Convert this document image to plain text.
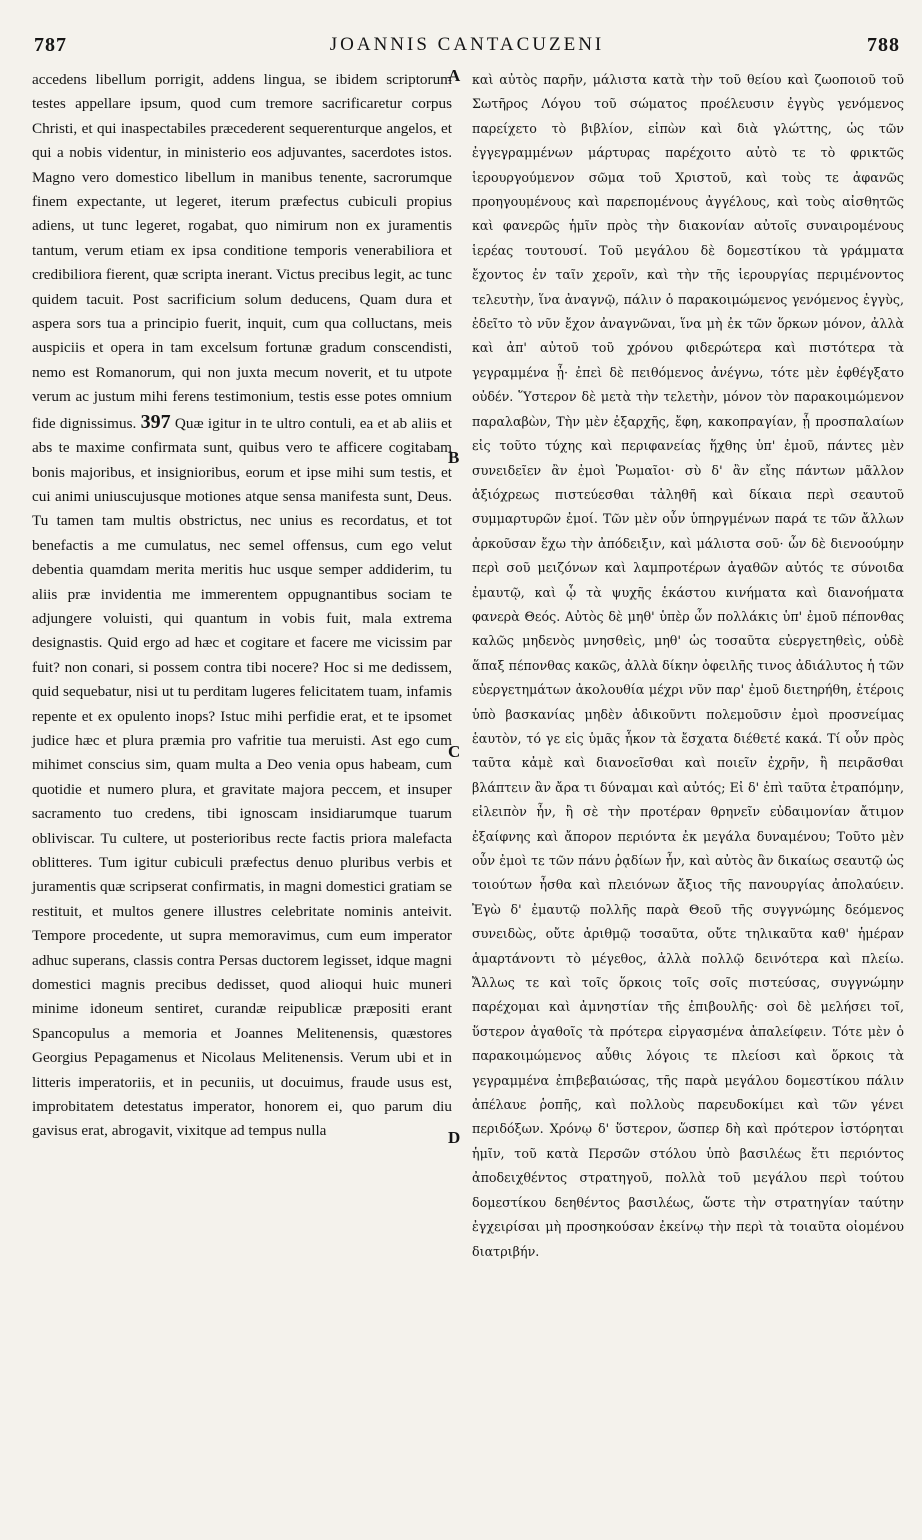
787	JOANNIS CANTACUZENI	788

accedens libellum porrigit, addens lingua, se ibidem scriptorum testes appellare ipsum, quod cum tremore sacrificaretur corpus Christi, et qui inaspectabiles præcederent sequerenturque angelos, et qui a nobis videntur, in ministerio eos adjuvantes, sacerdotes istos. Magno vero domestico libellum in manibus tenente, sacrorumque finem expectante, ut legeret, iterum præfectus cubiculi propius adiens, ut tunc legeret, rogabat, quo nimirum non ex juramentis tantum, verum etiam ex ipsa conditione temporis venerabiliora et credibiliora fierent, quæ scripta inerant. Victus precibus legit, ac tunc quidem tacuit. Post sacrificium solum deducens, Quam dura et aspera sors tua a principio fuerit, inquit, cum qua colluctans, meis auspiciis et opera in tam excelsum fortunæ gradum conscendisti, nemo est Romanorum, qui non juxta mecum noverit, et tu utpote verum ac justum mihi ferens testimonium, testis esse potes omnium fide dignissimus. 397 Quæ igitur in te ultro contuli, ea et ab aliis et abs te maxime confirmata sunt, quibus vero te afficere cogitabam bonis majoribus, et insignioribus, eorum et ipse mihi sum testis, et cui animi uniuscujusque motiones atque sensa manifesta sunt, Deus. Tu tamen tam multis obstrictus, nec unius es recordatus, et tot benefactis a me cumulatus, nec semel offensus, cum ego velut debentia quamdam merita meritis huc usque semper addiderim, tu aliis præ invidentia me immerentem oppugnantibus sociam te adjungere voluisti, qui quantum in vobis fuit, mala extrema designastis. Quid ergo ad hæc et cogitare et facere me vicissim par fuit? non conari, si possem contra tibi nocere? Hoc si me dedissem, quid sequebatur, nisi ut tu perditam lugeres felicitatem tuam, infamis repente et ex opulento inops? Istuc mihi perfidie erat, et te ipsomet judice hæc et plura præmia pro vafritie tua meruisti. Ast ego cum mihimet conscius sim, quam multa a Deo venia opus habeam, cum quotidie et numero plura, et gravitate majora peccem, et insuper sacramento tuo credens, tibi ignoscam insidiarumque tuarum obliviscar. Tu cultere, ut posterioribus recte factis priora malefacta oblitteres. Tum igitur cubiculi præfectus denuo pluribus verbis et juramentis quæ scripserat confirmatis, in magni domestici gratiam se restituit, et multos genere illustres celebritate nominis anteivit. Tempore procedente, ut supra memoravimus, cum eum imperator adhuc superans, classis contra Persas ductorem legisset, idque magni domestici magnis precibus dedisset, quod alioqui huic muneri minime idoneum sentiret, curandæ reipublicæ præpositi erant Spancopulus a memoria et Joannes Melitenensis, quæstores Georgius Pepagamenus et Nicolaus Melitenensis. Verum ubi et in litteris imperatoriis, et in pecuniis, ut docuimus, fraude usus est, improbitatem detestatus imperator, honorem ei, quo parum diu gavisus erat, abrogavit, vixitque ad tempus nulla

A
B
C
D

καὶ αὐτὸς παρῆν, μάλιστα κατὰ τὴν τοῦ θείου καὶ ζωοποιοῦ τοῦ Σωτῆρος Λόγου τοῦ σώματος προέλευσιν ἐγγὺς γενόμενος παρείχετο τὸ βιβλίον, εἰπὼν καὶ διὰ γλώττης, ὡς τῶν ἐγγεγραμμένων μάρτυρας παρέχοιτο αὐτὸ τε τὸ φρικτῶς ἱερουργούμενον σῶμα τοῦ Χριστοῦ, καὶ τοὺς τε ἀφανῶς προηγουμένους καὶ παρεπομένους ἀγγέλους, καὶ τοὺς αἰσθητῶς καὶ φανερῶς ἡμῖν πρὸς τὴν διακονίαν αὐτοῖς συναιρομένους ἱερέας τουτουσί. Τοῦ μεγάλου δὲ δομεστίκου τὰ γράμματα ἔχοντος ἐν ταῖν χεροῖν, καὶ τὴν τῆς ἱερουργίας περιμένοντος τελευτὴν, ἵνα ἀναγνῷ, πάλιν ὁ παρακοιμώμενος γενόμενος ἐγγὺς, ἐδεῖτο τὸ νῦν ἔχον ἀναγνῶναι, ἵνα μὴ ἐκ τῶν ὅρκων μόνον, ἀλλὰ καὶ ἀπ' αὐτοῦ τοῦ χρόνου φιδερώτερα καὶ πιστότερα τὰ γεγραμμένα ᾖ· ἐπεὶ δὲ πειθόμενος ἀνέγνω, τότε μὲν ἐφθέγξατο οὐδέν. Ὕστερον δὲ μετὰ τὴν τελετὴν, μόνον τὸν παρακοιμώμενον παραλαβὼν, Τὴν μὲν ἐξαρχῆς, ἔφη, κακοπραγίαν, ᾗ προσπαλαίων εἰς τοῦτο τύχης καὶ περιφανείας ἥχθης ὑπ' ἐμοῦ, πάντες μὲν συνειδεῖεν ἂν ἐμοὶ Ῥωμαῖοι· σὺ δ' ἂν εἴης πάντων μᾶλλον ἀξιόχρεως πιστεύεσθαι τἀληθῆ καὶ δίκαια περὶ σεαυτοῦ συμμαρτυρῶν ἐμοί. Τῶν μὲν οὖν ὑπηργμένων παρά τε τῶν ἄλλων ἀρκοῦσαν ἔχω τὴν ἀπόδειξιν, καὶ μάλιστα σοῦ· ὧν δὲ διενοούμην περὶ σοῦ μειζόνων καὶ λαμπροτέρων ἀγαθῶν αὐτός τε σύνοιδα ἐμαυτῷ, καὶ ᾧ τὰ ψυχῆς ἑκάστου κινήματα καὶ διανοήματα φανερὰ Θεός. Αὐτὸς δὲ μηθ' ὑπὲρ ὧν πολλάκις ὑπ' ἐμοῦ πέπονθας καλῶς μηδενὸς μνησθεὶς, μηθ' ὡς τοσαῦτα εὐεργετηθεὶς, οὐδὲ ἅπαξ πέπονθας κακῶς, ἀλλὰ δίκην ὀφειλῆς τινος ἀδιάλυτος ἡ τῶν εὐεργετημάτων ἀκολουθία μέχρι νῦν παρ' ἐμοῦ διετηρήθη, ἑτέροις ὑπὸ βασκανίας μηδὲν ἀδικοῦντι πολεμοῦσιν ἐμοὶ προσνείμας ἑαυτὸν, τό γε εἰς ὑμᾶς ἧκον τὰ ἔσχατα διέθετέ κακά. Τί οὖν πρὸς ταῦτα κἀμὲ καὶ διανοεῖσθαι καὶ ποιεῖν ἐχρῆν, ἢ πειρᾶσθαι βλάπτειν ἂν ἄρα τι δύναμαι καὶ αὐτός; Εἰ δ' ἐπὶ ταῦτα ἐτραπόμην, εἰλειπὸν ἦν, ἢ σὲ τὴν προτέραν θρηνεῖν εὐδαιμονίαν ἄτιμον ἐξαίφνης καὶ ἄπορον περιόντα ἐκ μεγάλα δυναμένου; Τοῦτο μὲν οὖν ἐμοὶ τε τῶν πάνυ ῥᾳδίων ἦν, καὶ αὐτὸς ἂν δικαίως σεαυτῷ ὡς τοιούτων ἦσθα καὶ πλειόνων ἄξιος τῆς πανουργίας ἀπολαύειν. Ἐγὼ δ' ἐμαυτῷ πολλῆς παρὰ Θεοῦ τῆς συγγνώμης δεόμενος συνειδὼς, οὔτε ἀριθμῷ τοσαῦτα, οὔτε τηλικαῦτα καθ' ἡμέραν ἁμαρτάνοντι τὸ μέγεθος, ἀλλὰ πολλῷ δεινότερα καὶ πλείω. Ἄλλως τε καὶ τοῖς ὅρκοις τοῖς σοῖς πιστεύσας, συγγνώμην παρέχομαι καὶ ἀμνηστίαν τῆς ἐπιβουλῆς· σοὶ δὲ μελήσει τοῖ, ὕστερον ἀγαθοῖς τὰ πρότερα εἰργασμένα ἀπαλείφειν. Τότε μὲν ὁ παρακοιμώμενος αὖθις λόγοις τε πλείοσι καὶ ὅρκοις τὰ γεγραμμένα ἐπιβεβαιώσας, τῆς παρὰ μεγάλου δομεστίκου πάλιν ἀπέλαυε ῥοπῆς, καὶ πολλοὺς παρευδοκίμει καὶ τῶν γένει περιδόξων. Χρόνῳ δ' ὕστερον, ὥσπερ δὴ καὶ πρότερον ἱστόρηται ἡμῖν, τοῦ κατὰ Περσῶν στόλου ὑπὸ βασιλέως ἔτι περιόντος ἀποδειχθέντος στρατηγοῦ, πολλὰ τοῦ μεγάλου περὶ τούτου δομεστίκου δεηθέντος βασιλέως, ὥστε τὴν στρατηγίαν ταύτην ἐγχειρίσαι μὴ προσηκούσαν ἐκείνῳ τὴν περὶ τὰ τοιαῦτα οἰομένου διατριβήν.
